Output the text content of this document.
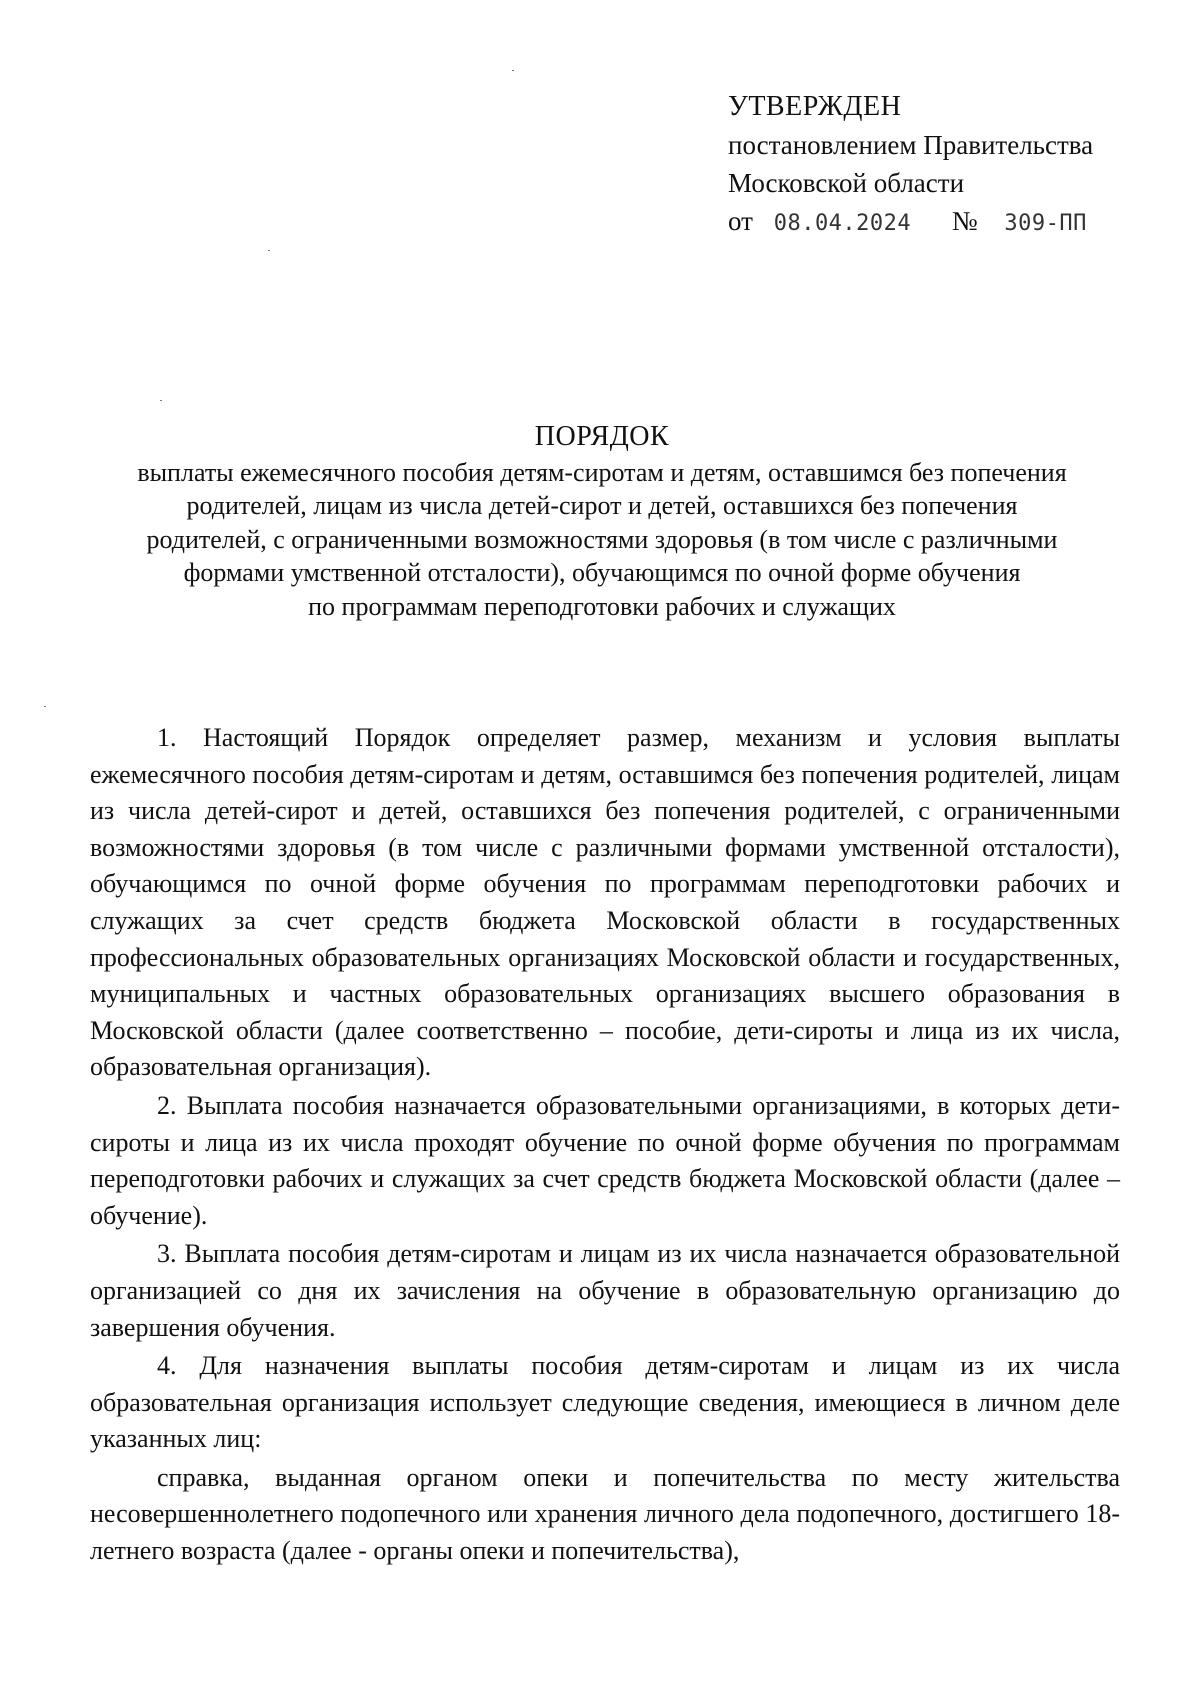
УТВЕРЖДЕН
постановлением Правительства
Московской области
от 08.04.2024 № 309-ПП
ПОРЯДОК
выплаты ежемесячного пособия детям-сиротам и детям, оставшимся без попечения
родителей, лицам из числа детей-сирот и детей, оставшихся без попечения
родителей, с ограниченными возможностями здоровья (в том числе с различными
формами умственной отсталости), обучающимся по очной форме обучения
по программам переподготовки рабочих и служащих

1. Настоящий Порядок определяет размер, механизм и условия выплаты ежемесячного пособия детям-сиротам и детям, оставшимся без попечения родителей, лицам из числа детей-сирот и детей, оставшихся без попечения родителей, с ограниченными возможностями здоровья (в том числе с различными формами умственной отсталости), обучающимся по очной форме обучения по программам переподготовки рабочих и служащих за счет средств бюджета Московской области в государственных профессиональных образовательных организациях Московской области и государственных, муниципальных и частных образовательных организациях высшего образования в Московской области (далее соответственно – пособие, дети-сироты и лица из их числа, образовательная организация).

2. Выплата пособия назначается образовательными организациями, в которых дети-сироты и лица из их числа проходят обучение по очной форме обучения по программам переподготовки рабочих и служащих за счет средств бюджета Московской области (далее – обучение).

3. Выплата пособия детям-сиротам и лицам из их числа назначается образовательной организацией со дня их зачисления на обучение в образовательную организацию до завершения обучения.

4. Для назначения выплаты пособия детям-сиротам и лицам из их числа образовательная организация использует следующие сведения, имеющиеся в личном деле указанных лиц:

справка, выданная органом опеки и попечительства по месту жительства несовершеннолетнего подопечного или хранения личного дела подопечного, достигшего 18-летнего возраста (далее - органы опеки и попечительства),
